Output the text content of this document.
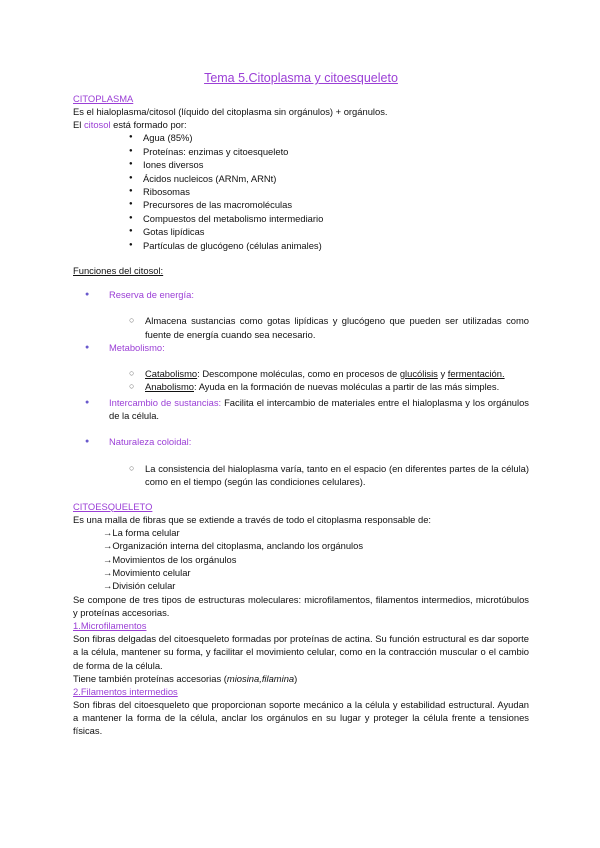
Tema 5.Citoplasma y citoesqueleto
CITOPLASMA

Es el hialoplasma/citosol (líquido del citoplasma sin orgánulos) + orgánulos.

El citosol está formado por:

● Agua (85%)
● Proteínas: enzimas y citoesqueleto
● Iones diversos
● Ácidos nucleicos (ARNm, ARNt)
● Ribosomas
● Precursores de las macromoléculas
● Compuestos del metabolismo intermediario
● Gotas lipídicas
● Partículas de glucógeno (células animales)
Funciones del citosol:
● Reserva de energía:
○ Almacena sustancias como gotas lipídicas y glucógeno que pueden ser utilizadas como fuente de energía cuando sea necesario.
● Metabolismo:
○ Catabolismo: Descompone moléculas, como en procesos de glucólisis y fermentación.
○ Anabolismo: Ayuda en la formación de nuevas moléculas a partir de las más simples.
● Intercambio de sustancias: Facilita el intercambio de materiales entre el hialoplasma y los orgánulos de la célula.
● Naturaleza coloidal:
○ La consistencia del hialoplasma varía, tanto en el espacio (en diferentes partes de la célula) como en el tiempo (según las condiciones celulares).
CITOESQUELETO

Es una malla de fibras que se extiende a través de todo el citoplasma responsable de:

→La forma celular
→Organización interna del citoplasma, anclando los orgánulos
→Movimientos de los orgánulos
→Movimiento celular
→División celular

Se compone de tres tipos de estructuras moleculares: microfilamentos, filamentos intermedios, microtúbulos y proteínas accesorias.

1.Microfilamentos

Son fibras delgadas del citoesqueleto formadas por proteínas de actina. Su función estructural es dar soporte a la célula, mantener su forma, y facilitar el movimiento celular, como en la contracción muscular o el cambio de forma de la célula.

Tiene también proteínas accesorias (miosina,filamina)

2.Filamentos intermedios

Son fibras del citoesqueleto que proporcionan soporte mecánico a la célula y estabilidad estructural. Ayudan a mantener la forma de la célula, anclar los orgánulos en su lugar y proteger la célula frente a tensiones físicas.
